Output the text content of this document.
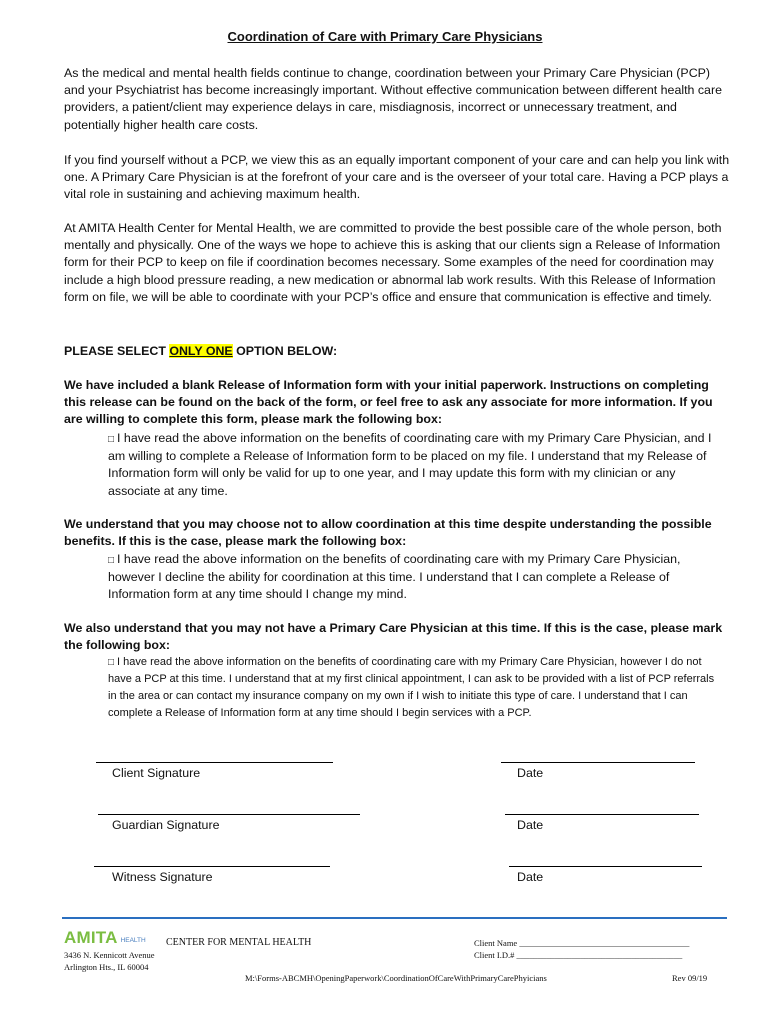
Coordination of Care with Primary Care Physicians

As the medical and mental health fields continue to change, coordination between your Primary Care Physician (PCP) and your Psychiatrist has become increasingly important. Without effective communication between different health care providers, a patient/client may experience delays in care, misdiagnosis, incorrect or unnecessary treatment, and potentially higher health care costs.

If you find yourself without a PCP, we view this as an equally important component of your care and can help you link with one. A Primary Care Physician is at the forefront of your care and is the overseer of your total care. Having a PCP plays a vital role in sustaining and achieving maximum health.

At AMITA Health Center for Mental Health, we are committed to provide the best possible care of the whole person, both mentally and physically. One of the ways we hope to achieve this is asking that our clients sign a Release of Information form for their PCP to keep on file if coordination becomes necessary. Some examples of the need for coordination may include a high blood pressure reading, a new medication or abnormal lab work results. With this Release of Information form on file, we will be able to coordinate with your PCP’s office and ensure that communication is effective and timely.

PLEASE SELECT ONLY ONE OPTION BELOW:

We have included a blank Release of Information form with your initial paperwork. Instructions on completing this release can be found on the back of the form, or feel free to ask any associate for more information. If you are willing to complete this form, please mark the following box:

□ I have read the above information on the benefits of coordinating care with my Primary Care Physician, and I am willing to complete a Release of Information form to be placed on my file. I understand that my Release of Information form will only be valid for up to one year, and I may update this form with my clinician or any associate at any time.

We understand that you may choose not to allow coordination at this time despite understanding the possible benefits. If this is the case, please mark the following box:

□ I have read the above information on the benefits of coordinating care with my Primary Care Physician, however I decline the ability for coordination at this time. I understand that I can complete a Release of Information form at any time should I change my mind.

We also understand that you may not have a Primary Care Physician at this time. If this is the case, please mark the following box:

□ I have read the above information on the benefits of coordinating care with my Primary Care Physician, however I do not have a PCP at this time. I understand that at my first clinical appointment, I can ask to be provided with a list of PCP referrals in the area or can contact my insurance company on my own if I wish to initiate this type of care. I understand that I can complete a Release of Information form at any time should I begin services with a PCP.

Client Signature	Date
Guardian Signature	Date
Witness Signature	Date
AMITA HEALTH CENTER FOR MENTAL HEALTH
3436 N. Kennicott Avenue
Arlington Hts., IL 60004
Client Name ________________________________________
Client I.D.# _______________________________________
M:\Forms-ABCMH\OpeningPaperwork\CoordinationOfCareWithPrimaryCarePhyicians	Rev 09/19
